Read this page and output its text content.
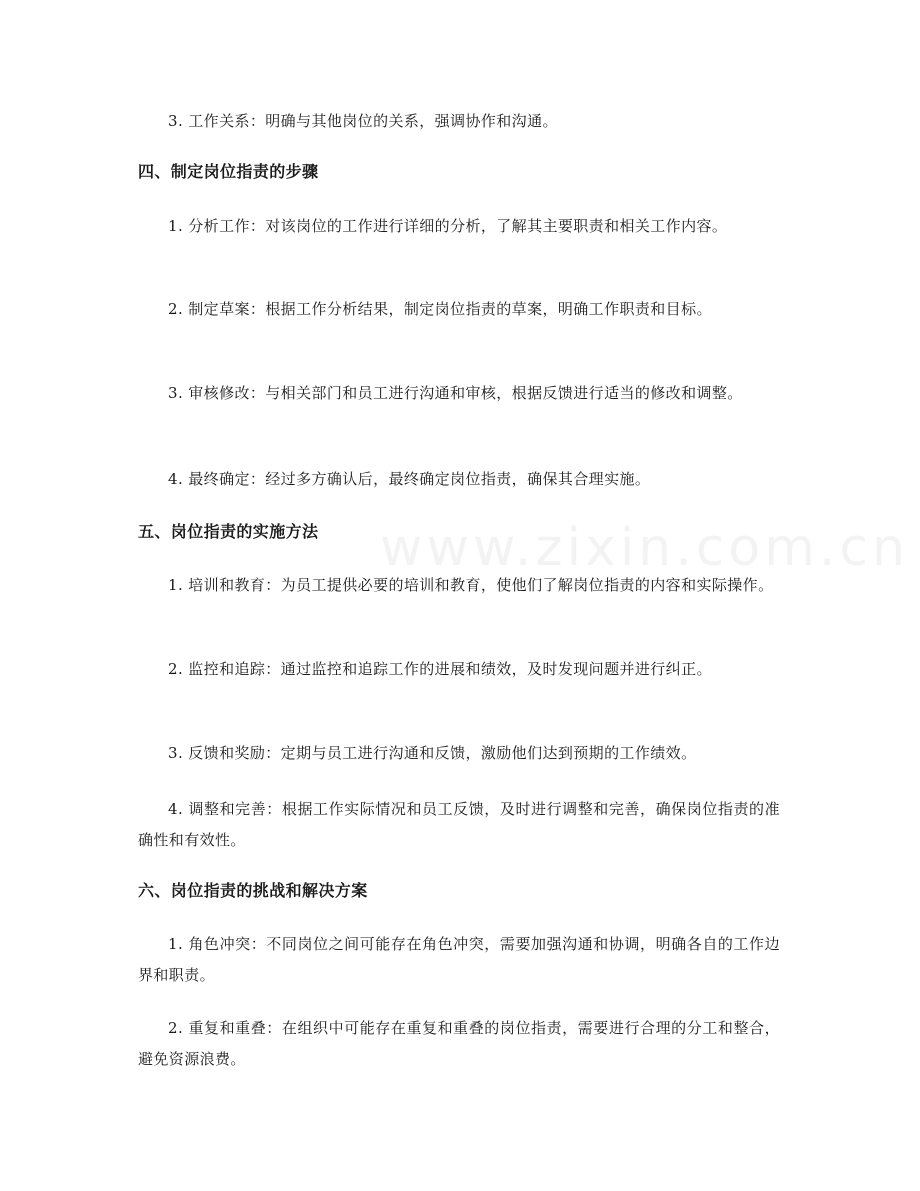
www.zixin.com.cn

3. 工作关系：明确与其他岗位的关系，强调协作和沟通。

四、制定岗位指责的步骤

1. 分析工作：对该岗位的工作进行详细的分析，了解其主要职责和相关工作内容。

2. 制定草案：根据工作分析结果，制定岗位指责的草案，明确工作职责和目标。

3. 审核修改：与相关部门和员工进行沟通和审核，根据反馈进行适当的修改和调整。

4. 最终确定：经过多方确认后，最终确定岗位指责，确保其合理实施。

五、岗位指责的实施方法

1. 培训和教育：为员工提供必要的培训和教育，使他们了解岗位指责的内容和实际操作。

2. 监控和追踪：通过监控和追踪工作的进展和绩效，及时发现问题并进行纠正。

3. 反馈和奖励：定期与员工进行沟通和反馈，激励他们达到预期的工作绩效。

4. 调整和完善：根据工作实际情况和员工反馈，及时进行调整和完善，确保岗位指责的准确性和有效性。

六、岗位指责的挑战和解决方案

1. 角色冲突：不同岗位之间可能存在角色冲突，需要加强沟通和协调，明确各自的工作边界和职责。

2. 重复和重叠：在组织中可能存在重复和重叠的岗位指责，需要进行合理的分工和整合，避免资源浪费。
